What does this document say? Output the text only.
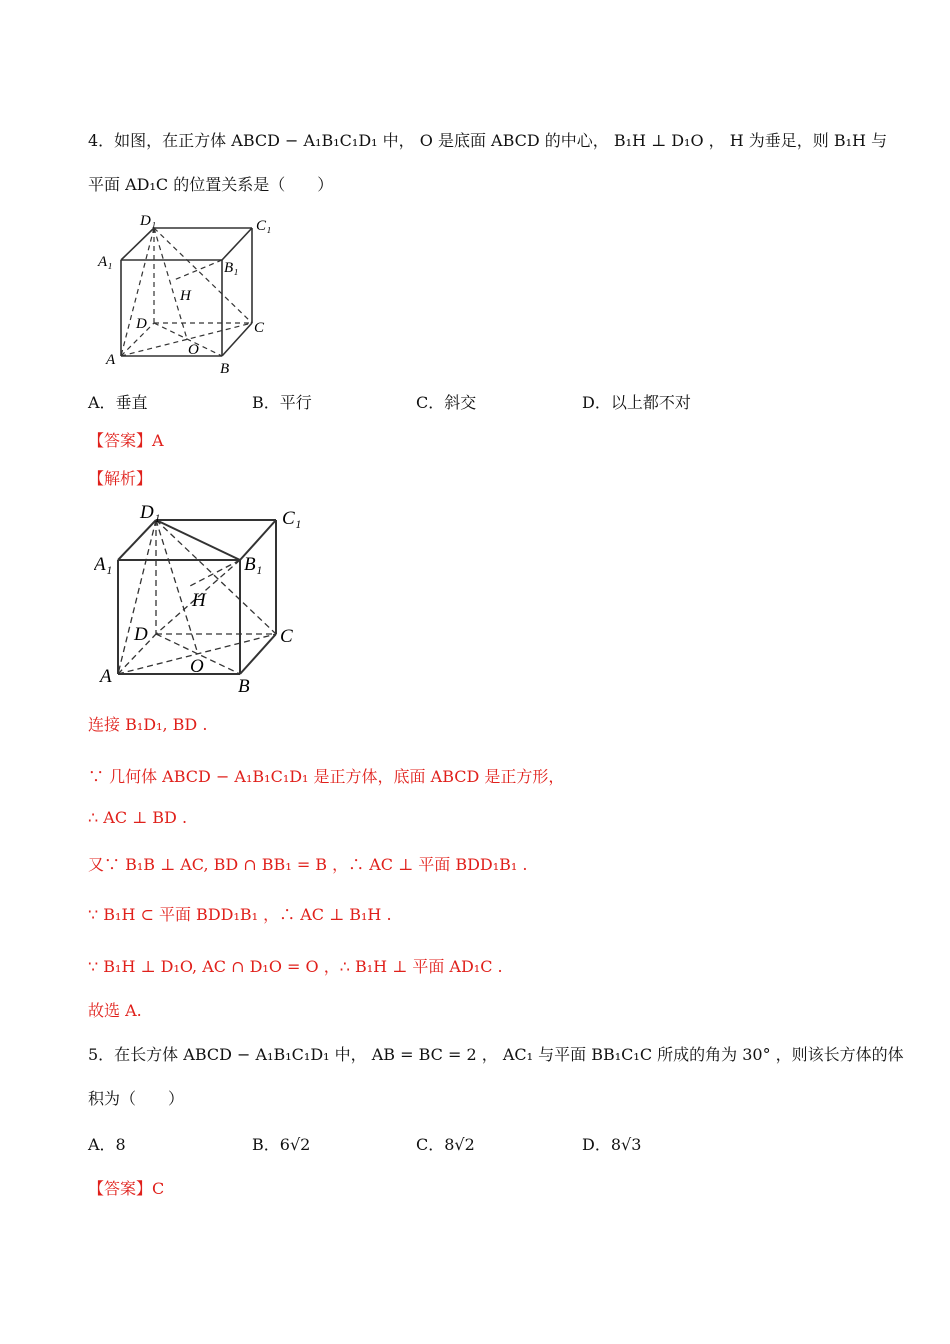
4．如图，在正方体 ABCD − A₁B₁C₁D₁ 中， O 是底面 ABCD 的中心， B₁H ⊥ D₁O ， H 为垂足，则 B₁H 与
平面 AD₁C 的位置关系是（　　）
D₁	C₁
A₁	B₁
H
D	C
A
O
B
A．垂直	B．平行	C．斜交	D．以上都不对
【答案】A
【解析】
D₁	C₁
A₁	B₁
H
D	C
A	O
B
连接 B₁D₁, BD .
∵ 几何体 ABCD − A₁B₁C₁D₁ 是正方体，底面 ABCD 是正方形，
∴ AC ⊥ BD .
又∵ B₁B ⊥ AC, BD ∩ BB₁ = B ，∴ AC ⊥ 平面 BDD₁B₁ .
∵ B₁H ⊂ 平面 BDD₁B₁ ，∴ AC ⊥ B₁H .
∵ B₁H ⊥ D₁O, AC ∩ D₁O = O ，∴ B₁H ⊥ 平面 AD₁C .
故选 A.
5．在长方体 ABCD − A₁B₁C₁D₁ 中， AB = BC = 2 ， AC₁ 与平面 BB₁C₁C 所成的角为 30° ，则该长方体的体
积为（　　）
A．8	B．6√2	C．8√2	D．8√3
【答案】C
